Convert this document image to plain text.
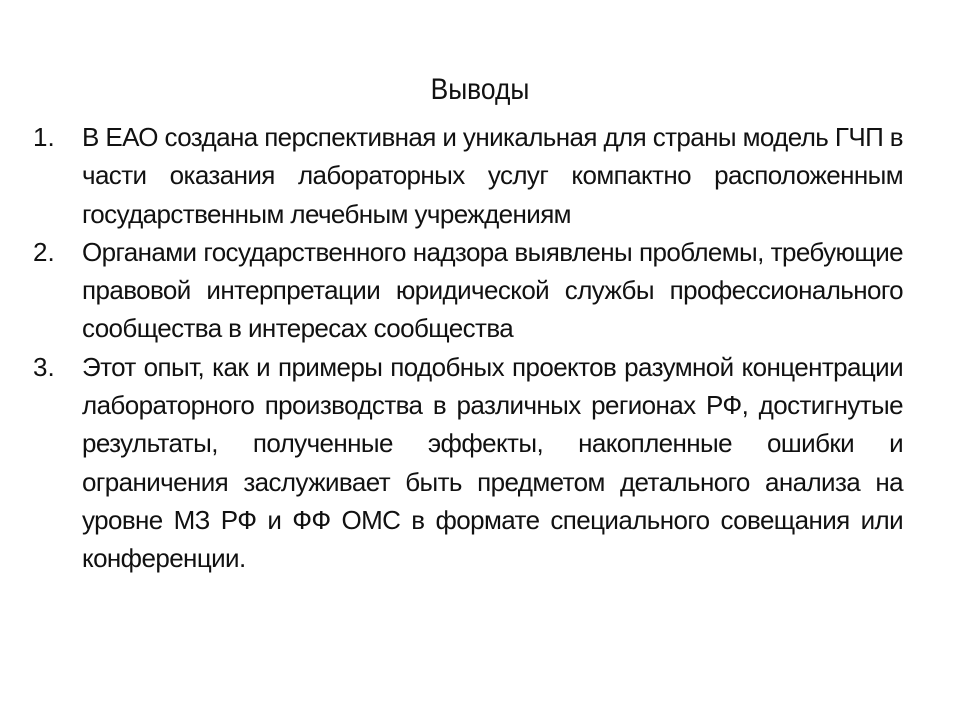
Выводы
1. В ЕАО создана перспективная и уникальная для страны модель ГЧП в части оказания лабораторных услуг компактно расположенным государственным лечебным учреждениям
2. Органами государственного надзора выявлены проблемы, требующие правовой интерпретации юридической службы профессионального сообщества в интересах сообщества
3. Этот опыт, как и примеры подобных проектов разумной концентрации лабораторного производства в различных регионах РФ, достигнутые результаты, полученные эффекты, накопленные ошибки и ограничения заслуживает быть предметом детального анализа на уровне МЗ РФ и ФФ ОМС в формате специального совещания или конференции.
